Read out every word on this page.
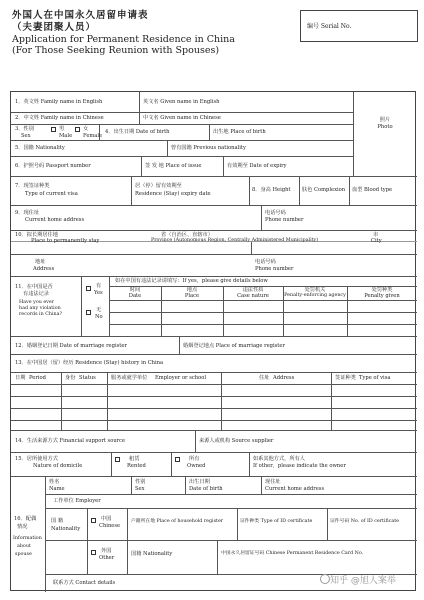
外国人在中国永久居留申请表
（夫妻团聚人员）
Application for Permanent Residence in China
(For Those Seeking Reunion with Spouses)
编号 Serial No.
1．英文姓 Family name in English	英文名 Given name in English
2．中文姓 Family name in Chinese	中文名 Given name in Chinese	照片
Photo
3．性别
Sex
男
Male
女
Female
4．出生日期 Date of birth	出生地 Place of birth
5．国籍 Nationality	曾有国籍 Previous nationality
6．护照号码 Passport number	签 发 地 Place of issue	有效期至 Date of expiry
7．现签证种类
Type of current visa
居（停）留有效期至
Residence (Stay) expiry date
8．身高 Height 肤色 Complexion 血型 Blood type
9．现住址
Current home address
电话号码
Phone number
10．拟长期居住地
Place to permanently stay
省（自治区、直辖市）
Province (Autonomous Region, Centrally Administered Municipality)
市
City
地址
Address
电话号码
Phone number
11．在中国是否
有违法记录
Have you ever
had any violation
records in China?
有
Yes
无
No
如在中国有违法记录请填写：If yes，please give details below
时间
Date
地点
Place
违法性质
Case nature
处罚机关
Penalty-enforcing agency
处罚种类
Penalty given
12．婚姻登记日期 Date of marriage register	婚姻登记地点 Place of marriage register
13．在中国居（留）经历 Residence (Stay) history in China
日期 Period	身份 Status	服务或就学单位 Employer or school	住址 Address	签证种类 Type of visa
14．生活来源方式 Financial support source	来源人或机构 Source supplier
15．居所使用方式
Nature of domicile
租赁
Rented
所有
Owned
如系其他方式，所有人
If other，please indicate the owner
16．配偶
情况
Information
about
spouse
姓名
Name
性别
Sex
出生日期
Date of birth
现住址
Current home address
工作单位 Employer
国 籍
Nationality
中国
Chinese
户籍所在地 Place of household register	证件种类 Type of ID certificate	证件号码 No. of ID certificate
外国
Other
国籍 Nationality	中国永久居留证号码 Chinese Permanent Residence Card No.
联系方式 Contact details	知乎 @旭人案举
